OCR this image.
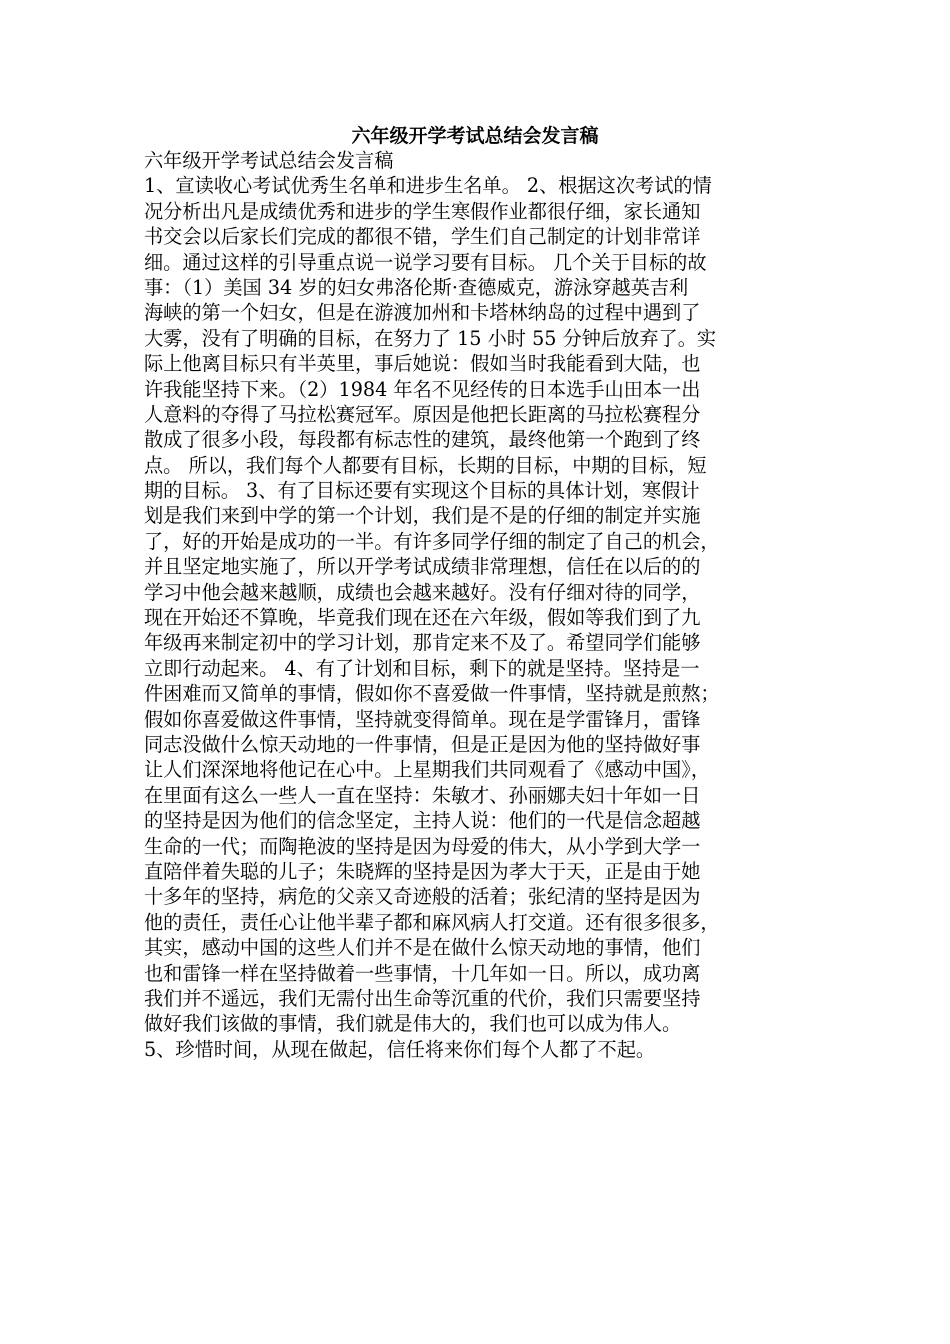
六年级开学考试总结会发言稿
六年级开学考试总结会发言稿
1、宣读收心考试优秀生名单和进步生名单。 2、根据这次考试的情
况分析出凡是成绩优秀和进步的学生寒假作业都很仔细，家长通知
书交会以后家长们完成的都很不错，学生们自己制定的计划非常详
细。通过这样的引导重点说一说学习要有目标。 几个关于目标的故
事：（1）美国 34 岁的妇女弗洛伦斯·查德威克，游泳穿越英吉利
海峡的第一个妇女，但是在游渡加州和卡塔林纳岛的过程中遇到了
大雾，没有了明确的目标，在努力了 15 小时 55 分钟后放弃了。实
际上他离目标只有半英里，事后她说：假如当时我能看到大陆，也
许我能坚持下来。（2）1984 年名不见经传的日本选手山田本一出
人意料的夺得了马拉松赛冠军。原因是他把长距离的马拉松赛程分
散成了很多小段，每段都有标志性的建筑，最终他第一个跑到了终
点。 所以，我们每个人都要有目标，长期的目标，中期的目标，短
期的目标。 3、有了目标还要有实现这个目标的具体计划，寒假计
划是我们来到中学的第一个计划，我们是不是的仔细的制定并实施
了，好的开始是成功的一半。有许多同学仔细的制定了自己的机会，
并且坚定地实施了，所以开学考试成绩非常理想，信任在以后的的
学习中他会越来越顺，成绩也会越来越好。没有仔细对待的同学，
现在开始还不算晚，毕竟我们现在还在六年级，假如等我们到了九
年级再来制定初中的学习计划，那肯定来不及了。希望同学们能够
立即行动起来。 4、有了计划和目标，剩下的就是坚持。坚持是一
件困难而又简单的事情，假如你不喜爱做一件事情，坚持就是煎熬；
假如你喜爱做这件事情，坚持就变得简单。现在是学雷锋月，雷锋
同志没做什么惊天动地的一件事情，但是正是因为他的坚持做好事
让人们深深地将他记在心中。上星期我们共同观看了《感动中国》，
在里面有这么一些人一直在坚持：朱敏才、孙丽娜夫妇十年如一日
的坚持是因为他们的信念坚定，主持人说：他们的一代是信念超越
生命的一代；而陶艳波的坚持是因为母爱的伟大，从小学到大学一
直陪伴着失聪的儿子；朱晓辉的坚持是因为孝大于天，正是由于她
十多年的坚持，病危的父亲又奇迹般的活着；张纪清的坚持是因为
他的责任，责任心让他半辈子都和麻风病人打交道。还有很多很多，
其实，感动中国的这些人们并不是在做什么惊天动地的事情，他们
也和雷锋一样在坚持做着一些事情，十几年如一日。所以，成功离
我们并不遥远，我们无需付出生命等沉重的代价，我们只需要坚持
做好我们该做的事情，我们就是伟大的，我们也可以成为伟人。
5、珍惜时间，从现在做起，信任将来你们每个人都了不起。
